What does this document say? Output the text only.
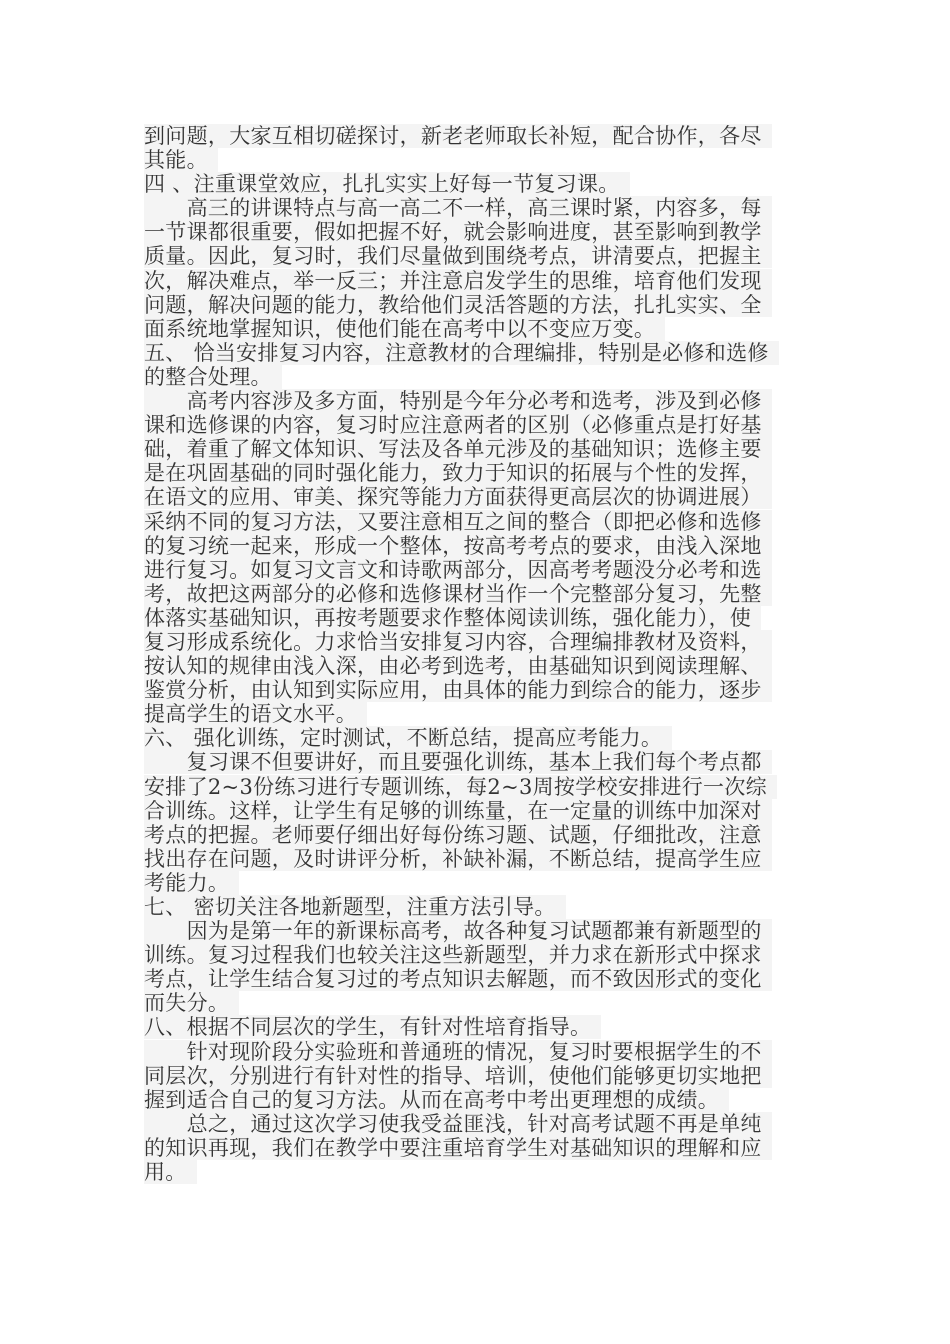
到问题，大家互相切磋探讨，新老老师取长补短，配合协作，各尽
其能。
四 、注重课堂效应，扎扎实实上好每一节复习课。
　　高三的讲课特点与高一高二不一样，高三课时紧，内容多，每
一节课都很重要，假如把握不好，就会影响进度，甚至影响到教学
质量。因此，复习时，我们尽量做到围绕考点，讲清要点，把握主
次，解决难点，举一反三；并注意启发学生的思维，培育他们发现
问题，解决问题的能力，教给他们灵活答题的方法，扎扎实实、全
面系统地掌握知识，使他们能在高考中以不变应万变。
五、 恰当安排复习内容，注意教材的合理编排，特别是必修和选修
的整合处理。
　　高考内容涉及多方面，特别是今年分必考和选考，涉及到必修
课和选修课的内容，复习时应注意两者的区别（必修重点是打好基
础，着重了解文体知识、写法及各单元涉及的基础知识；选修主要
是在巩固基础的同时强化能力，致力于知识的拓展与个性的发挥，
在语文的应用、审美、探究等能力方面获得更高层次的协调进展）
采纳不同的复习方法，又要注意相互之间的整合（即把必修和选修
的复习统一起来，形成一个整体，按高考考点的要求，由浅入深地
进行复习。如复习文言文和诗歌两部分，因高考考题没分必考和选
考，故把这两部分的必修和选修课材当作一个完整部分复习，先整
体落实基础知识，再按考题要求作整体阅读训练，强化能力），使
复习形成系统化。力求恰当安排复习内容，合理编排教材及资料，
按认知的规律由浅入深，由必考到选考，由基础知识到阅读理解、
鉴赏分析，由认知到实际应用，由具体的能力到综合的能力，逐步
提高学生的语文水平。
六、 强化训练，定时测试，不断总结，提高应考能力。
　　复习课不但要讲好，而且要强化训练，基本上我们每个考点都
安排了2~3份练习进行专题训练，每2~3周按学校安排进行一次综
合训练。这样，让学生有足够的训练量，在一定量的训练中加深对
考点的把握。老师要仔细出好每份练习题、试题，仔细批改，注意
找出存在问题，及时讲评分析，补缺补漏，不断总结，提高学生应
考能力。
七、 密切关注各地新题型，注重方法引导。
　　因为是第一年的新课标高考，故各种复习试题都兼有新题型的
训练。复习过程我们也较关注这些新题型，并力求在新形式中探求
考点，让学生结合复习过的考点知识去解题，而不致因形式的变化
而失分。
八、根据不同层次的学生，有针对性培育指导。
　　针对现阶段分实验班和普通班的情况，复习时要根据学生的不
同层次，分别进行有针对性的指导、培训，使他们能够更切实地把
握到适合自己的复习方法。从而在高考中考出更理想的成绩。
　　总之，通过这次学习使我受益匪浅，针对高考试题不再是单纯
的知识再现，我们在教学中要注重培育学生对基础知识的理解和应
用。
